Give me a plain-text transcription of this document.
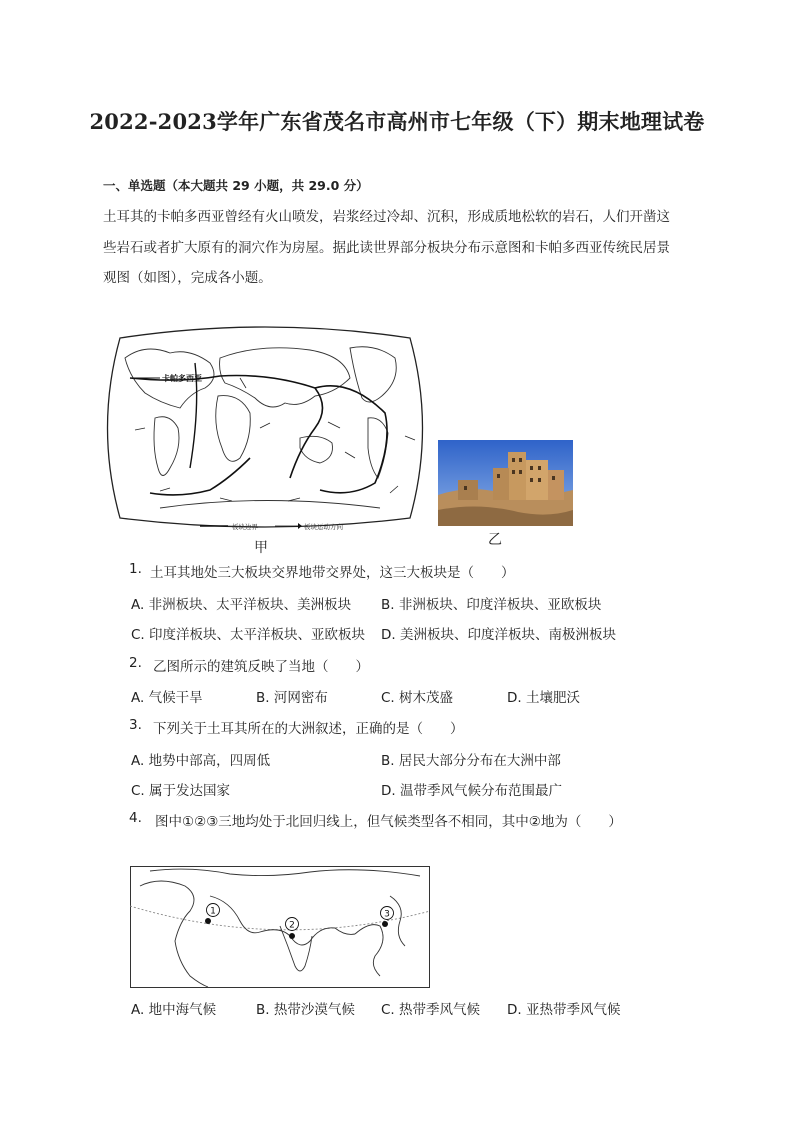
2022-2023学年广东省茂名市高州市七年级（下）期末地理试卷
一、单选题（本大题共 29 小题，共 29.0 分）
土耳其的卡帕多西亚曾经有火山喷发，岩浆经过冷却、沉积，形成质地松软的岩石，人们开凿这
些岩石或者扩大原有的洞穴作为房屋。据此读世界部分板块分布示意图和卡帕多西亚传统民居景
观图（如图），完成各小题。
卡帕多西亚
板块边界	板块运动方向
甲	乙
1. 土耳其地处三大板块交界地带交界处，这三大板块是（　　）
A. 非洲板块、太平洋板块、美洲板块 B. 非洲板块、印度洋板块、亚欧板块
C. 印度洋板块、太平洋板块、亚欧板块 D. 美洲板块、印度洋板块、南极洲板块
2. 乙图所示的建筑反映了当地（　　）
A. 气候干旱	B. 河网密布	C. 树木茂盛	D. 土壤肥沃
3. 下列关于土耳其所在的大洲叙述，正确的是（　　）
A. 地势中部高，四周低	B. 居民大部分分布在大洲中部
C. 属于发达国家	D. 温带季风气候分布范围最广
4. 图中①②③三地均处于北回归线上，但气候类型各不相同，其中②地为（　　）
1
2
3
A. 地中海气候	B. 热带沙漠气候 C. 热带季风气候 D. 亚热带季风气候
